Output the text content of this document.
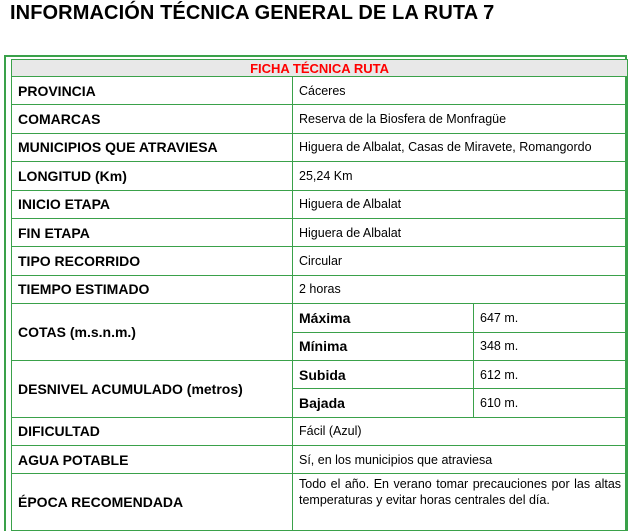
INFORMACIÓN TÉCNICA GENERAL DE LA RUTA 7
FICHA TÉCNICA RUTA		
PROVINCIA	Cáceres	
COMARCAS	Reserva de la Biosfera de Monfragüe	
MUNICIPIOS QUE ATRAVIESA	Higuera de Albalat, Casas de Miravete, Romangordo	
LONGITUD (Km)	25,24 Km	
INICIO ETAPA	Higuera de Albalat	
FIN ETAPA	Higuera de Albalat	
TIPO RECORRIDO	Circular	
TIEMPO ESTIMADO	2 horas	
COTAS (m.s.n.m.)	Máxima	647 m.
	Mínima	348 m.
DESNIVEL ACUMULADO (metros)	Subida	612 m.
	Bajada	610 m.
DIFICULTAD	Fácil (Azul)	
AGUA POTABLE	Sí, en los municipios que atraviesa	
ÉPOCA RECOMENDADA	Todo el año. En verano tomar precauciones por las altas temperaturas y evitar horas centrales del día.	
